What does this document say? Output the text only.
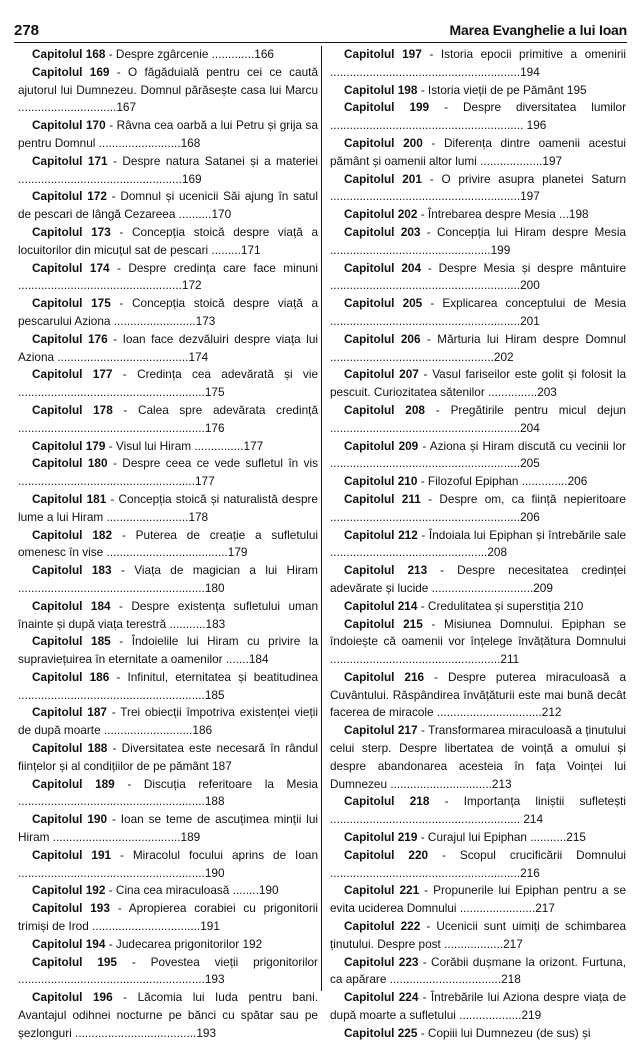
278	Marea Evanghelie a lui Ioan
Capitolul 168 - Despre zgârcenie .............166
Capitolul 169 - O făgăduială pentru cei ce caută ajutorul lui Dumnezeu. Domnul părăsește casa lui Marcu ..............................167
Capitolul 170 - Râvna cea oarbă a lui Petru și grija sa pentru Domnul .........................168
Capitolul 171 - Despre natura Satanei și a materiei ..................................................169
Capitolul 172 - Domnul și ucenicii Săi ajung în satul de pescari de lângă Cezareea ..........170
Capitolul 173 - Concepția stoică despre viață a locuitorilor din micuțul sat de pescari .........171
Capitolul 174 - Despre credința care face minuni ..................................................172
Capitolul 175 - Concepția stoică despre viață a pescarului Aziona .........................173
Capitolul 176 - Ioan face dezvăluiri despre viața lui Aziona ........................................174
Capitolul 177 - Credința cea adevărată și vie .........................................................175
Capitolul 178 - Calea spre adevărata credință .........................................................176
Capitolul 179 - Visul lui Hiram ...............177
Capitolul 180 - Despre ceea ce vede sufletul în vis ......................................................177
Capitolul 181 - Concepția stoică și naturalistă despre lume a lui Hiram .........................178
Capitolul 182 - Puterea de creație a sufletului omenesc în vise .....................................179
Capitolul 183 - Viața de magician a lui Hiram .........................................................180
Capitolul 184 - Despre existența sufletului uman înainte și după viața terestră ...........183
Capitolul 185 - Îndoielile lui Hiram cu privire la supraviețuirea în eternitate a oamenilor .......184
Capitolul 186 - Infinitul, eternitatea și beatitudinea .........................................................185
Capitolul 187 - Trei obiecții împotriva existenței vieții de după moarte ...........................186
Capitolul 188 - Diversitatea este necesară în rândul ființelor și al condițiilor de pe pământ 187
Capitolul 189 - Discuția referitoare la Mesia .........................................................188
Capitolul 190 - Ioan se teme de ascuțimea minții lui Hiram .......................................189
Capitolul 191 - Miracolul focului aprins de Ioan .........................................................190
Capitolul 192 - Cina cea miraculoasă ........190
Capitolul 193 - Apropierea corabiei cu prigonitorii trimiși de Irod .................................191
Capitolul 194 - Judecarea prigonitorilor 192
Capitolul 195 - Povestea vieții prigonitorilor .........................................................193
Capitolul 196 - Lăcomia lui Iuda pentru bani. Avantajul odihnei nocturne pe bănci cu spătar sau pe șezlonguri .....................................193
Capitolul 197 - Istoria epocii primitive a omenirii ..........................................................194
Capitolul 198 - Istoria vieții de pe Pământ 195
Capitolul 199 - Despre diversitatea lumilor ........................................................... 196
Capitolul 200 - Diferența dintre oamenii acestui pământ și oamenii altor lumi ...................197
Capitolul 201 - O privire asupra planetei Saturn ..........................................................197
Capitolul 202 - Întrebarea despre Mesia ...198
Capitolul 203 - Concepția lui Hiram despre Mesia .................................................199
Capitolul 204 - Despre Mesia și despre mântuire ..........................................................200
Capitolul 205 - Explicarea conceptului de Mesia ..........................................................201
Capitolul 206 - Mărturia lui Hiram despre Domnul ..................................................202
Capitolul 207 - Vasul fariseilor este golit și folosit la pescuit. Curiozitatea sătenilor ...............203
Capitolul 208 - Pregătirile pentru micul dejun ..........................................................204
Capitolul 209 - Aziona și Hiram discută cu vecinii lor ..........................................................205
Capitolul 210 - Filozoful Epiphan ..............206
Capitolul 211 - Despre om, ca ființă nepieritoare ..........................................................206
Capitolul 212 - Îndoiala lui Epiphan și întrebările sale ................................................208
Capitolul 213 - Despre necesitatea credinței adevărate și lucide ...............................209
Capitolul 214 - Credulitatea și superstiția 210
Capitolul 215 - Misiunea Domnului. Epiphan se îndoiește că oamenii vor înțelege învățătura Domnului ....................................................211
Capitolul 216 - Despre puterea miraculoasă a Cuvântului. Răspândirea învățăturii este mai bună decât facerea de miracole ................................212
Capitolul 217 - Transformarea miraculoasă a ținutului celui sterp. Despre libertatea de voință a omului și despre abandonarea acesteia în fața Voinței lui Dumnezeu ...............................213
Capitolul 218 - Importanța liniștii sufletești .......................................................... 214
Capitolul 219 - Curajul lui Epiphan ...........215
Capitolul 220 - Scopul crucificării Domnului ..........................................................216
Capitolul 221 - Propunerile lui Epiphan pentru a se evita uciderea Domnului .......................217
Capitolul 222 - Ucenicii sunt uimiți de schimbarea ținutului. Despre post ..................217
Capitolul 223 - Corăbii dușmane la orizont. Furtuna, ca apărare ..................................218
Capitolul 224 - Întrebările lui Aziona despre viața de după moarte a sufletului ...................219
Capitolul 225 - Copiii lui Dumnezeu (de sus) și
